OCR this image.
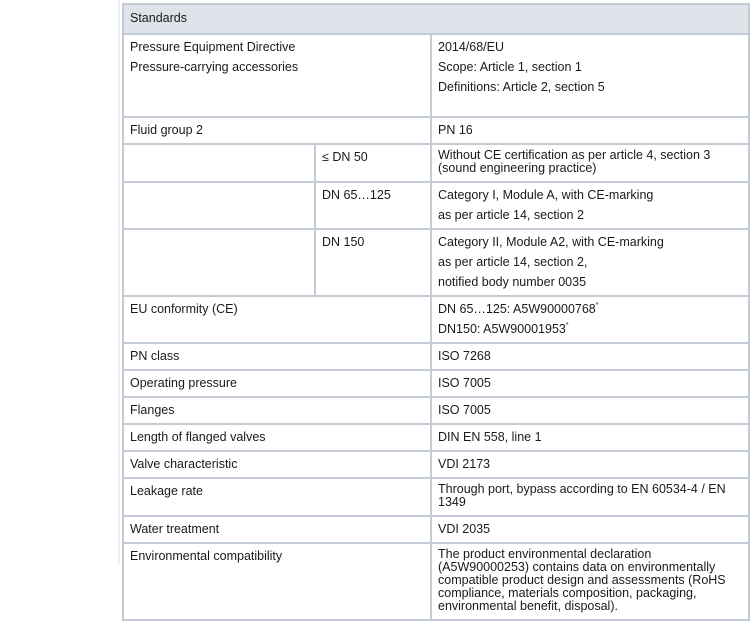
Standards		

Pressure Equipment Directive
Pressure-carrying accessories		2014/68/EU
Scope: Article 1, section 1
Definitions: Article 2, section 5

Fluid group 2		PN 16
	≤ DN 50	Without CE certification as per article 4, section 3
(sound engineering practice)

	DN 65…125	Category I, Module A, with CE-marking
as per article 14, section 2

	DN 150	Category II, Module A2, with CE-marking
as per article 14, section 2,
notified body number 0035

EU conformity (CE)		DN 65…125: A5W90000768*
DN150: A5W90001953*

PN class		ISO 7268
Operating pressure		ISO 7005
Flanges		ISO 7005
Length of flanged valves		DIN EN 558, line 1
Valve characteristic		VDI 2173
Leakage rate		Through port, bypass according to EN 60534-4 / EN
1349

Water treatment		VDI 2035
Environmental compatibility		The product environmental declaration
(A5W90000253) contains data on environmentally
compatible product design and assessments (RoHS
compliance, materials composition, packaging,
environmental benefit, disposal).
